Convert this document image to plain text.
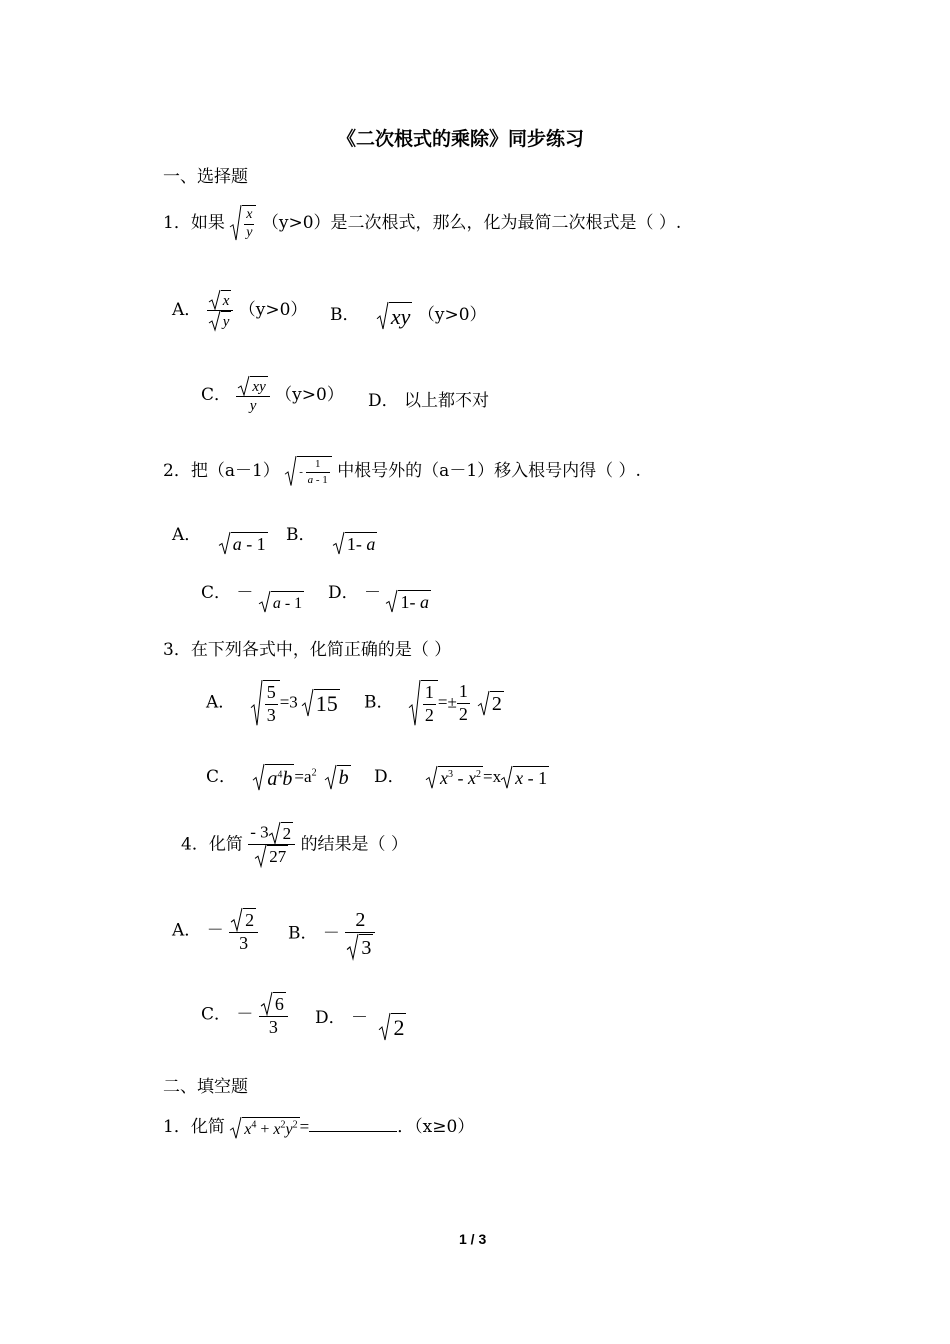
《二次根式的乘除》同步练习
一、选择题
1．如果 $\frac{x}{y} (y>0)$是二次根式，那么，化为最简二次根式是（ ）.
A． $\frac{x}{y} (y>0)$ B． xy （y>0）
C． $\frac{xy}{y} (y>0)$ D． 以上都不对
2．把$(a-1) - \frac{1}{a - 1}$ 中根号外的（a－1）移入根号内得（ ）.
A． a - 1 B． 1- a
C． － a - 1 D． － 1- a
3．在下列各式中，化简正确的是（ ）
A． $\frac{5}{3} =3$ 15 B． $\frac{1}{2} =\pm \frac{1}{2} 2$
C． $a^4b =a^2$ b D． $x^3 - x^2 =x$ x - 1
4．化简 $\frac{- 3 2}{27}$ 的结果是（ ）
A． － $\frac{2}{3}$ B． － $\frac{2}{3}$
C． － $\frac{6}{3}$ D． － 2
二、填空题
1．化简 $x^4 + x^2y^2$ =	．（x≥0）
1 / 3
